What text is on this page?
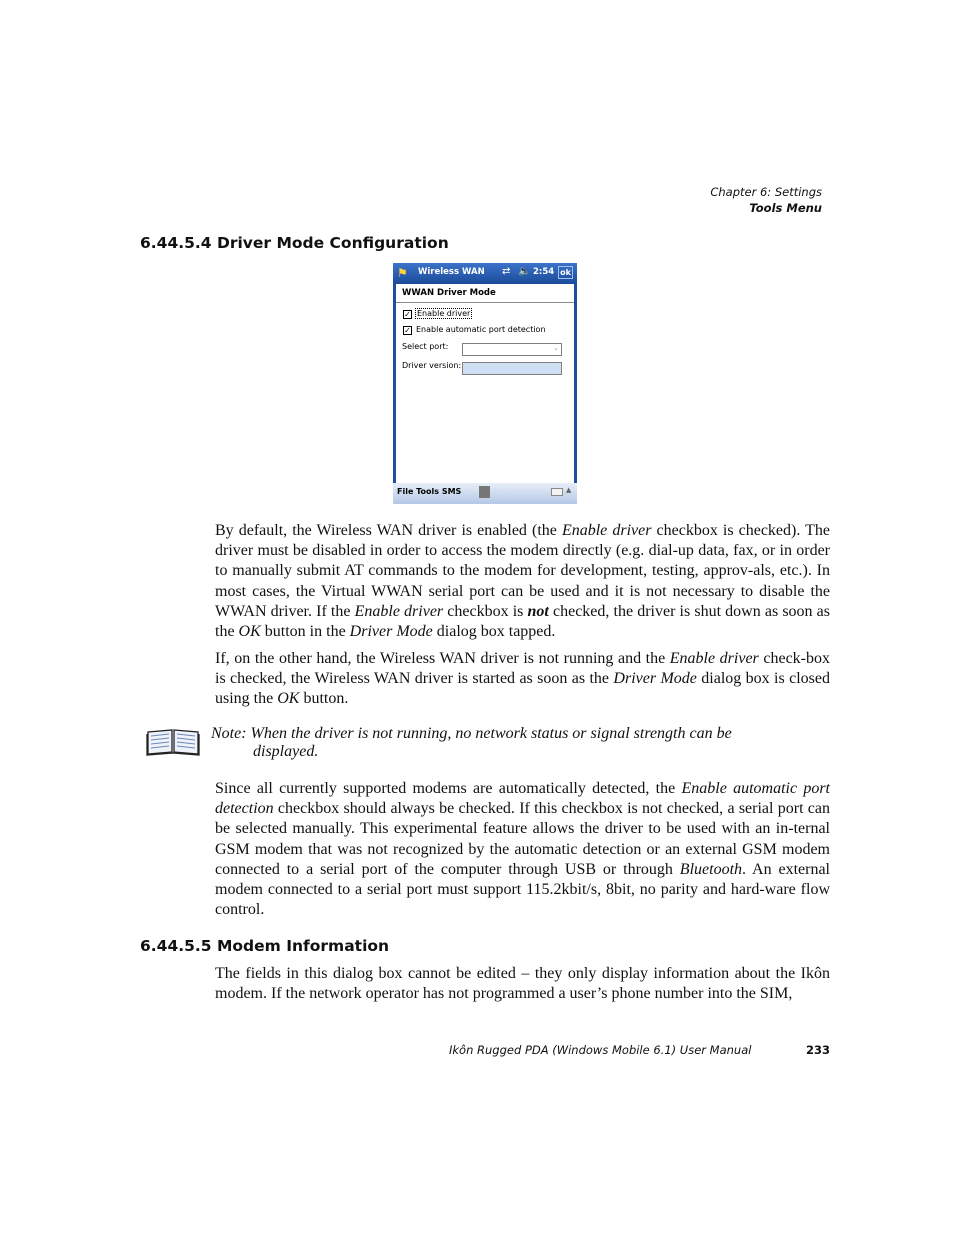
Chapter 6: Settings
Tools Menu
6.44.5.4 Driver Mode Configuration
⚑	Wireless WAN ⇄ 🔈 2:54 ok
WWAN Driver Mode
✓ Enable driver
✓ Enable automatic port detection
Select port:	⌄
Driver version:
File Tools SMS	▲

By default, the Wireless WAN driver is enabled (the Enable driver checkbox is checked). The driver must be disabled in order to access the modem directly (e.g. dial-up data, fax, or in order to manually submit AT commands to the modem for development, testing, approv-als, etc.). In most cases, the Virtual WWAN serial port can be used and it is not necessary to disable the WWAN driver. If the Enable driver checkbox is not checked, the driver is shut down as soon as the OK button in the Driver Mode dialog box tapped.

If, on the other hand, the Wireless WAN driver is not running and the Enable driver check-box is checked, the Wireless WAN driver is started as soon as the Driver Mode dialog box is closed using the OK button.

Note: When the driver is not running, no network status or signal strength can be
displayed.

Since all currently supported modems are automatically detected, the Enable automatic port detection checkbox should always be checked. If this checkbox is not checked, a serial port can be selected manually. This experimental feature allows the driver to be used with an in-ternal GSM modem that was not recognized by the automatic detection or an external GSM modem connected to a serial port of the computer through USB or through Bluetooth. An external modem connected to a serial port must support 115.2kbit/s, 8bit, no parity and hard-ware flow control.

6.44.5.5 Modem Information

The fields in this dialog box cannot be edited – they only display information about the Ikôn modem. If the network operator has not programmed a user’s phone number into the SIM,

Ikôn Rugged PDA (Windows Mobile 6.1) User Manual	233
